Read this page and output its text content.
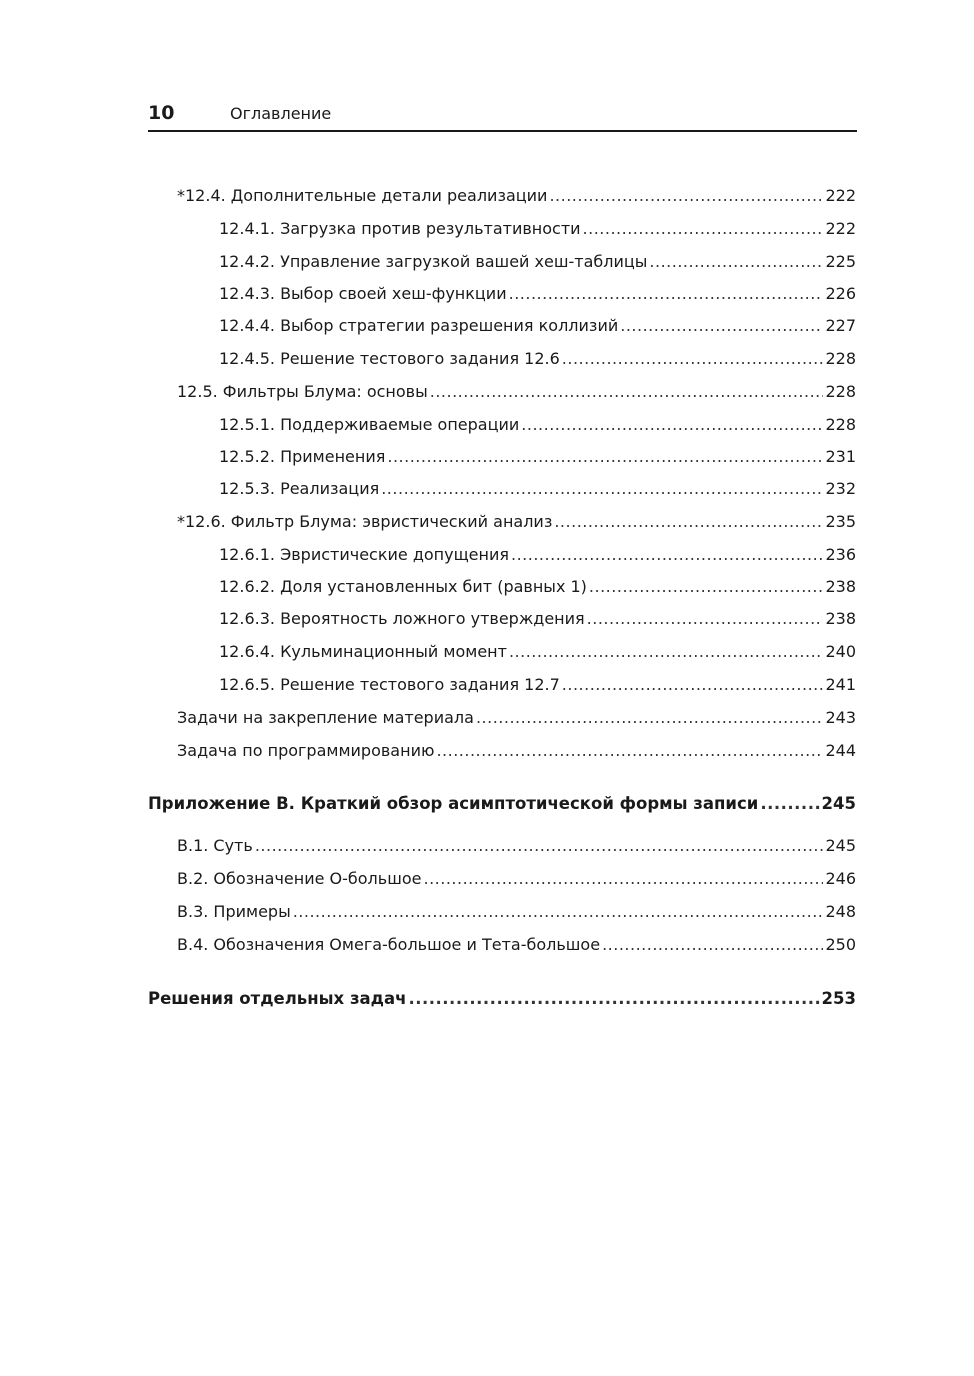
10	Оглавление
*12.4. Дополнительные детали реализации .....	222
12.4.1. Загрузка против результативности .....	222
12.4.2. Управление загрузкой вашей хеш-таблицы .....	225
12.4.3. Выбор своей хеш-функции .....	226
12.4.4. Выбор стратегии разрешения коллизий .....	227
12.4.5. Решение тестового задания 12.6 .....	228
12.5. Фильтры Блума: основы .....	228
12.5.1. Поддерживаемые операции .....	228
12.5.2. Применения .....	231
12.5.3. Реализация .....	232
*12.6. Фильтр Блума: эвристический анализ .....	235
12.6.1. Эвристические допущения .....	236
12.6.2. Доля установленных бит (равных 1) .....	238
12.6.3. Вероятность ложного утверждения .....	238
12.6.4. Кульминационный момент .....	240
12.6.5. Решение тестового задания 12.7 .....	241
Задачи на закрепление материала .....	243
Задача по программированию .....	244
Приложение В. Краткий обзор асимптотической формы записи .....	245
В.1. Суть .....	245
В.2. Обозначение О-большое .....	246
В.3. Примеры .....	248
В.4. Обозначения Омега-большое и Тета-большое .....	250
Решения отдельных задач .....	253
